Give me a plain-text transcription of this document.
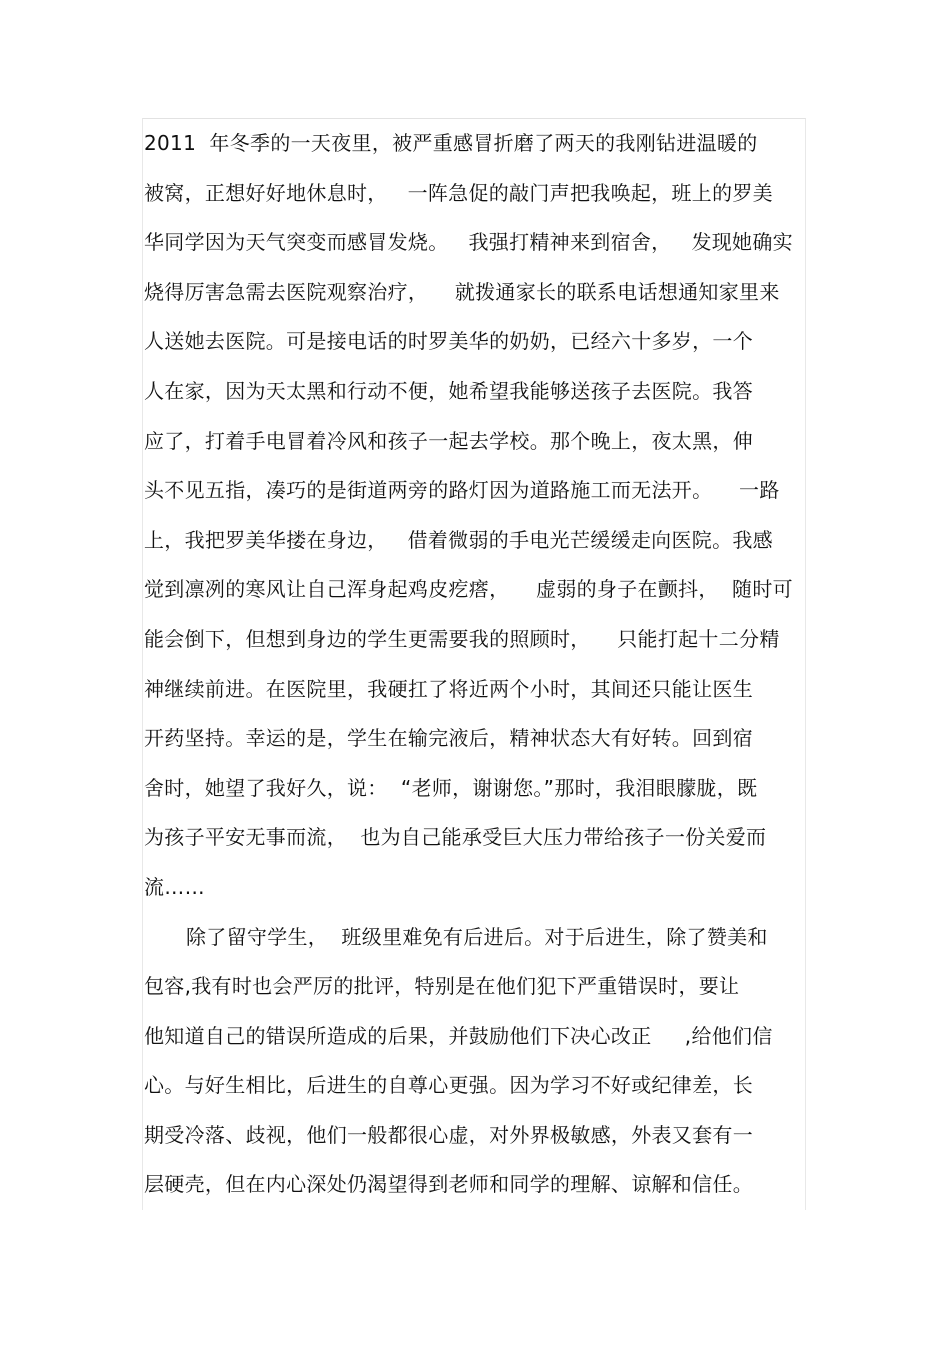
2011  年冬季的一天夜里，被严重感冒折磨了两天的我刚钻进温暖的
被窝，正想好好地休息时，   一阵急促的敲门声把我唤起，班上的罗美
华同学因为天气突变而感冒发烧。   我强打精神来到宿舍，   发现她确实
烧得厉害急需去医院观察治疗，    就拨通家长的联系电话想通知家里来
人送她去医院。可是接电话的时罗美华的奶奶，已经六十多岁，一个
人在家，因为天太黑和行动不便，她希望我能够送孩子去医院。我答
应了，打着手电冒着冷风和孩子一起去学校。那个晚上，夜太黑，伸
头不见五指，凑巧的是街道两旁的路灯因为道路施工而无法开。    一路
上，我把罗美华搂在身边，   借着微弱的手电光芒缓缓走向医院。我感
觉到凛冽的寒风让自己浑身起鸡皮疙瘩，    虚弱的身子在颤抖，  随时可
能会倒下，但想到身边的学生更需要我的照顾时，    只能打起十二分精
神继续前进。在医院里，我硬扛了将近两个小时，其间还只能让医生
开药坚持。幸运的是，学生在输完液后，精神状态大有好转。回到宿
舍时，她望了我好久，说：  “老师，谢谢您。”那时，我泪眼朦胧，既
为孩子平安无事而流，  也为自己能承受巨大压力带给孩子一份关爱而
流……
除了留守学生，  班级里难免有后进后。对于后进生，除了赞美和
包容,我有时也会严厉的批评，特别是在他们犯下严重错误时，要让
他知道自己的错误所造成的后果，并鼓励他们下决心改正     ,给他们信
心。与好生相比，后进生的自尊心更强。因为学习不好或纪律差，长
期受冷落、歧视，他们一般都很心虚，对外界极敏感，外表又套有一
层硬壳，但在内心深处仍渴望得到老师和同学的理解、谅解和信任。
